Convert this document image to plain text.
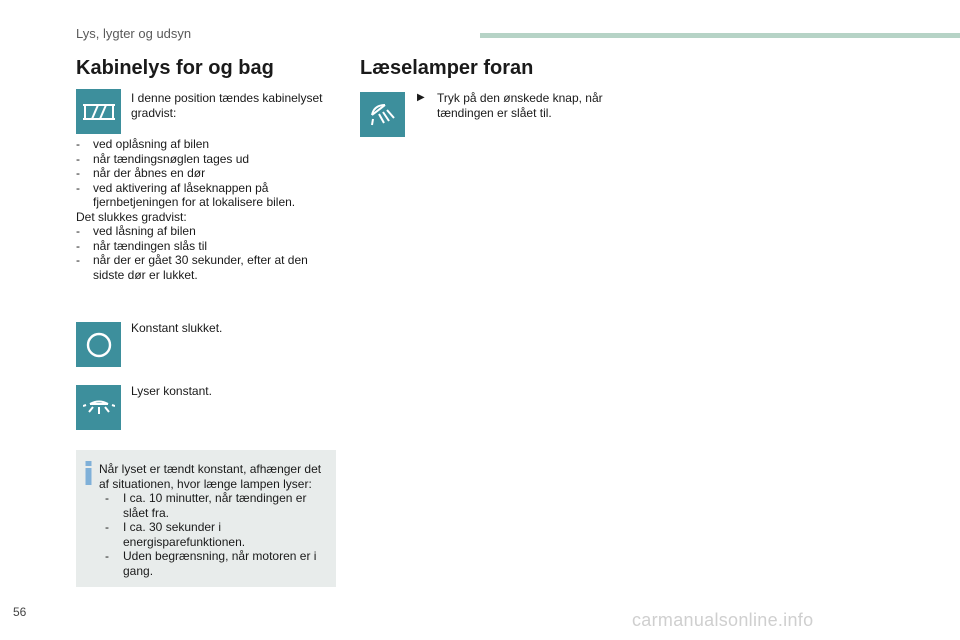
Lys, lygter og udsyn
Kabinelys for og bag
I denne position tændes kabinelyset gradvist:
- ved oplåsning af bilen
- når tændingsnøglen tages ud
- når der åbnes en dør
- ved aktivering af låseknappen på fjernbetjeningen for at lokalisere bilen.
Det slukkes gradvist:
- ved låsning af bilen
- når tændingen slås til
- når der er gået 30 sekunder, efter at den sidste dør er lukket.
Konstant slukket.
Lyser konstant.
Når lyset er tændt konstant, afhænger det af situationen, hvor længe lampen lyser:
- I ca. 10 minutter, når tændingen er slået fra.
- I ca. 30 sekunder i energisparefunktionen.
- Uden begrænsning, når motoren er i gang.
Læselamper foran
▶ Tryk på den ønskede knap, når tændingen er slået til.
56	carmanualsonline.info
